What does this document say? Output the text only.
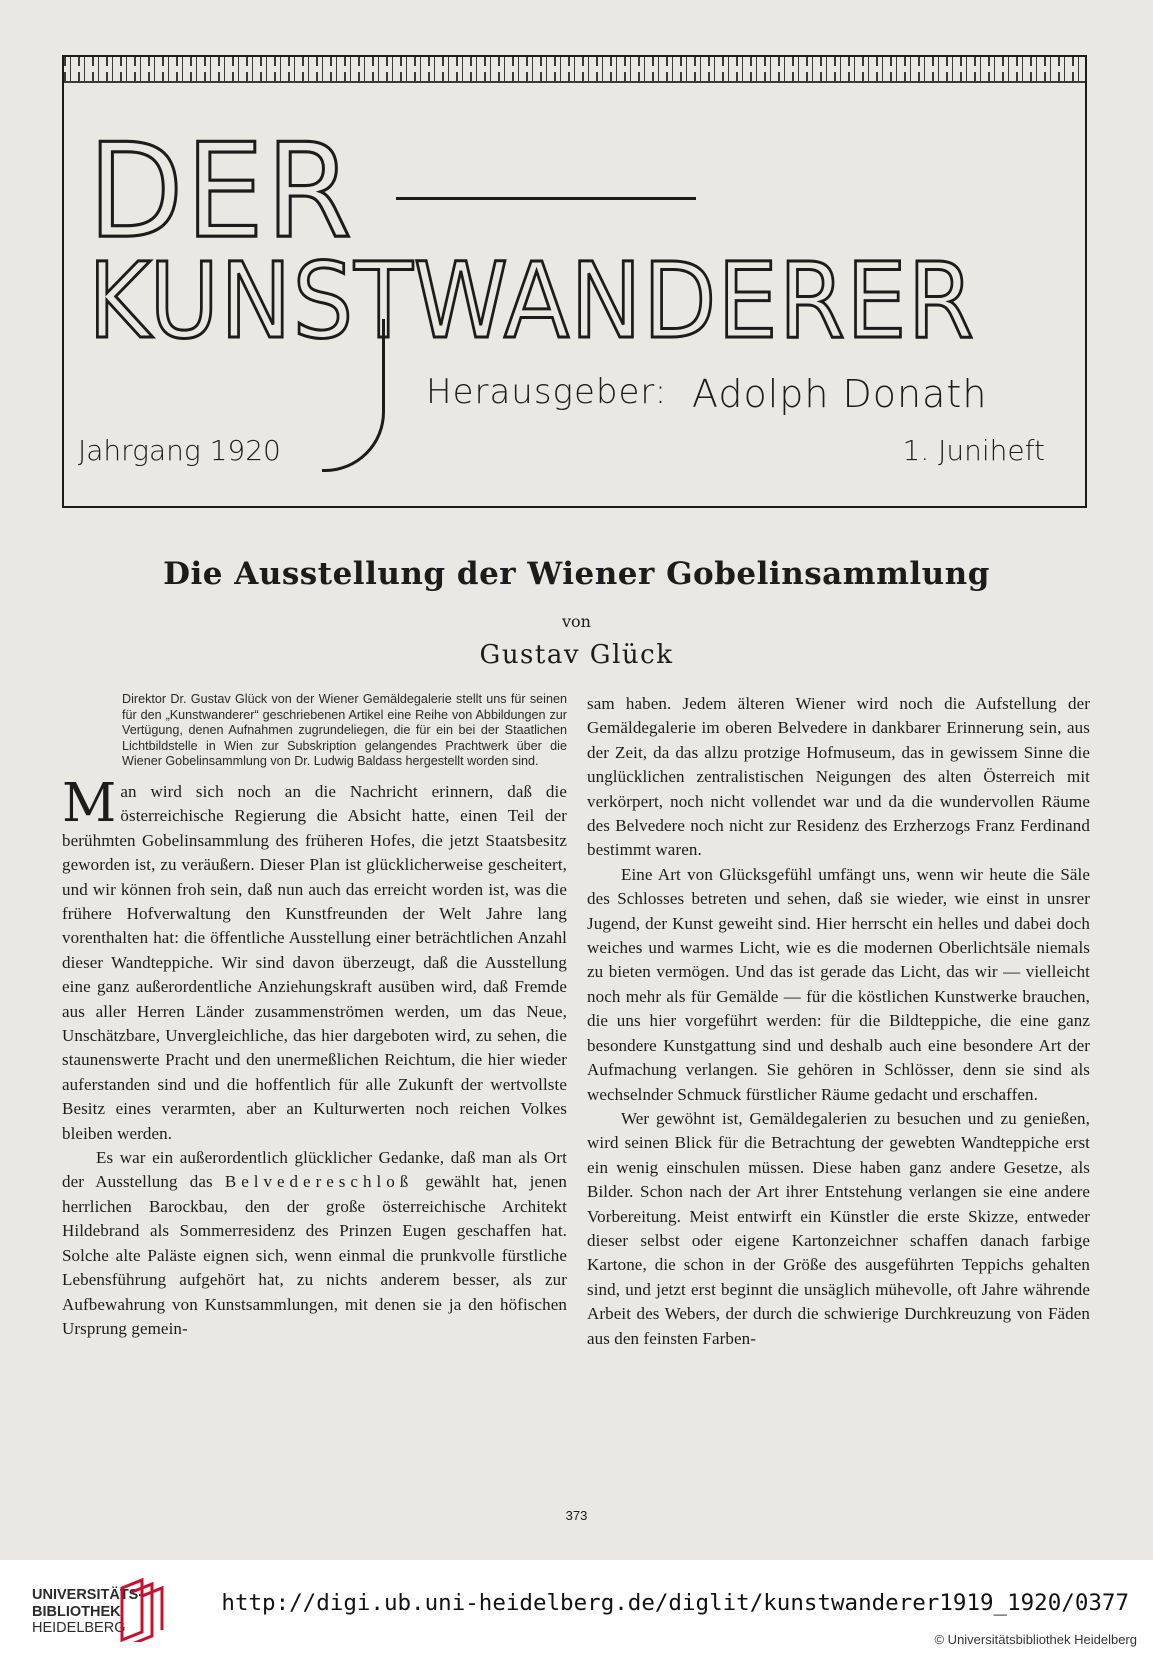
DER
KUNSTWANDERER

Herausgeber: Adolph Donath

Jahrgang 1920	1. Juniheft

Die Ausstellung der Wiener Gobelinsammlung

von

Gustav Glück

Direktor Dr. Gustav Glück von der Wiener Gemäldegalerie stellt uns für seinen für den „Kunstwanderer“ geschriebenen Artikel eine Reihe von Abbildungen zur Vertügung, denen Aufnahmen zugrundeliegen, die für ein bei der Staatlichen Lichtbildstelle in Wien zur Subskription gelangendes Prachtwerk über die Wiener Gobelinsammlung von Dr. Ludwig Baldass hergestellt worden sind.

Man wird sich noch an die Nachricht erinnern, daß die österreichische Regierung die Absicht hatte, einen Teil der berühmten Gobelinsammlung des früheren Hofes, die jetzt Staatsbesitz geworden ist, zu veräußern. Dieser Plan ist glücklicherweise gescheitert, und wir können froh sein, daß nun auch das erreicht worden ist, was die frühere Hofverwaltung den Kunstfreunden der Welt Jahre lang vorenthalten hat: die öffentliche Ausstellung einer beträchtlichen Anzahl dieser Wandteppiche. Wir sind davon überzeugt, daß die Ausstellung eine ganz außerordentliche Anziehungskraft ausüben wird, daß Fremde aus aller Herren Länder zusammenströmen werden, um das Neue, Unschätzbare, Unvergleichliche, das hier dargeboten wird, zu sehen, die staunenswerte Pracht und den unermeßlichen Reichtum, die hier wieder auferstanden sind und die hoffentlich für alle Zukunft der wertvollste Besitz eines verarmten, aber an Kulturwerten noch reichen Volkes bleiben werden.

Es war ein außerordentlich glücklicher Gedanke, daß man als Ort der Ausstellung das Belvedereschloß gewählt hat, jenen herrlichen Barockbau, den der große österreichische Architekt Hildebrand als Sommerresidenz des Prinzen Eugen geschaffen hat. Solche alte Paläste eignen sich, wenn einmal die prunkvolle fürstliche Lebensführung aufgehört hat, zu nichts anderem besser, als zur Aufbewahrung von Kunstsammlungen, mit denen sie ja den höfischen Ursprung gemein-

sam haben. Jedem älteren Wiener wird noch die Aufstellung der Gemäldegalerie im oberen Belvedere in dankbarer Erinnerung sein, aus der Zeit, da das allzu protzige Hofmuseum, das in gewissem Sinne die unglücklichen zentralistischen Neigungen des alten Österreich mit verkörpert, noch nicht vollendet war und da die wundervollen Räume des Belvedere noch nicht zur Residenz des Erzherzogs Franz Ferdinand bestimmt waren.

Eine Art von Glücksgefühl umfängt uns, wenn wir heute die Säle des Schlosses betreten und sehen, daß sie wieder, wie einst in unsrer Jugend, der Kunst geweiht sind. Hier herrscht ein helles und dabei doch weiches und warmes Licht, wie es die modernen Oberlichtsäle niemals zu bieten vermögen. Und das ist gerade das Licht, das wir — vielleicht noch mehr als für Gemälde — für die köstlichen Kunstwerke brauchen, die uns hier vorgeführt werden: für die Bildteppiche, die eine ganz besondere Kunstgattung sind und deshalb auch eine besondere Art der Aufmachung verlangen. Sie gehören in Schlösser, denn sie sind als wechselnder Schmuck fürstlicher Räume gedacht und erschaffen.

Wer gewöhnt ist, Gemäldegalerien zu besuchen und zu genießen, wird seinen Blick für die Betrachtung der gewebten Wandteppiche erst ein wenig einschulen müssen. Diese haben ganz andere Gesetze, als Bilder. Schon nach der Art ihrer Entstehung verlangen sie eine andere Vorbereitung. Meist entwirft ein Künstler die erste Skizze, entweder dieser selbst oder eigene Kartonzeichner schaffen danach farbige Kartone, die schon in der Größe des ausgeführten Teppichs gehalten sind, und jetzt erst beginnt die unsäglich mühevolle, oft Jahre währende Arbeit des Webers, der durch die schwierige Durchkreuzung von Fäden aus den feinsten Farben-

373

UNIVERSITÄTS-
BIBLIOTHEK
HEIDELBERG

http://digi.ub.uni-heidelberg.de/diglit/kunstwanderer1919_1920/0377

© Universitätsbibliothek Heidelberg
